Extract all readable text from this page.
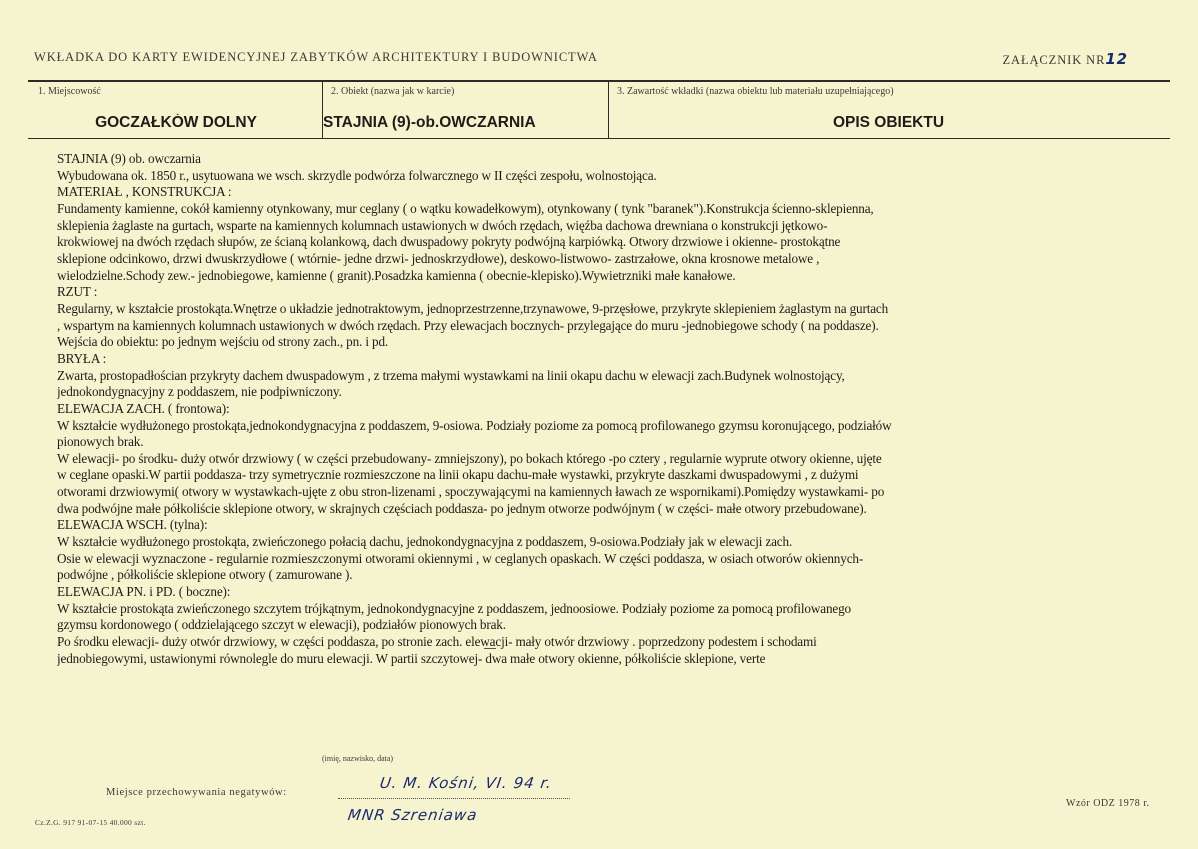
WKŁADKA DO KARTY EWIDENCYJNEJ ZABYTKÓW ARCHITEKTURY I BUDOWNICTWA	ZAŁĄCZNIK NR12
1. Miejscowość
GOCZAŁKÓW DOLNY
2. Obiekt (nazwa jak w karcie)
STAJNIA (9)-ob.OWCZARNIA
3. Zawartość wkładki (nazwa obiektu lub materiału uzupełniającego)
OPIS OBIEKTU

STAJNIA (9) ob. owczarnia

Wybudowana ok. 1850 r., usytuowana we wsch. skrzydle podwórza folwarcznego w II części zespołu, wolnostojąca.

MATERIAŁ , KONSTRUKCJA :

Fundamenty kamienne, cokół kamienny otynkowany, mur ceglany ( o wątku kowadełkowym), otynkowany ( tynk "baranek").Konstrukcja ścienno-sklepienna,

sklepienia żaglaste na gurtach, wsparte na kamiennych kolumnach ustawionych w dwóch rzędach, więźba dachowa drewniana o konstrukcji jętkowo-

krokwiowej na dwóch rzędach słupów, ze ścianą kolankową, dach dwuspadowy pokryty podwójną karpiówką. Otwory drzwiowe i okienne- prostokątne

sklepione odcinkowo, drzwi dwuskrzydłowe ( wtórnie- jedne drzwi- jednoskrzydłowe), deskowo-listwowo- zastrzałowe, okna krosnowe metalowe ,

wielodzielne.Schody zew.- jednobiegowe, kamienne ( granit).Posadzka kamienna ( obecnie-klepisko).Wywietrzniki małe kanałowe.

RZUT :

Regularny, w kształcie prostokąta.Wnętrze o układzie jednotraktowym, jednoprzestrzenne,trzynawowe, 9-przęsłowe, przykryte sklepieniem żaglastym na gurtach

, wspartym na kamiennych kolumnach ustawionych w dwóch rzędach. Przy elewacjach bocznych- przylegające do muru -jednobiegowe schody ( na poddasze).

Wejścia do obiektu: po jednym wejściu od strony zach., pn. i pd.

BRYŁA :

Zwarta, prostopadłościan przykryty dachem dwuspadowym , z trzema małymi wystawkami na linii okapu dachu w elewacji zach.Budynek wolnostojący,

jednokondygnacyjny z poddaszem, nie podpiwniczony.

ELEWACJA ZACH. ( frontowa):

W kształcie wydłużonego prostokąta,jednokondygnacyjna z poddaszem, 9-osiowa. Podziały poziome za pomocą profilowanego gzymsu koronującego, podziałów

pionowych brak.

W elewacji- po środku- duży otwór drzwiowy ( w części przebudowany- zmniejszony), po bokach którego -po cztery , regularnie wyprute otwory okienne, ujęte

w ceglane opaski.W partii poddasza- trzy symetrycznie rozmieszczone na linii okapu dachu-małe wystawki, przykryte daszkami dwuspadowymi , z dużymi

otworami drzwiowymi( otwory w wystawkach-ujęte z obu stron-lizenami , spoczywającymi na kamiennych ławach ze wspornikami).Pomiędzy wystawkami- po

dwa podwójne małe półkoliście sklepione otwory, w skrajnych częściach poddasza- po jednym otworze podwójnym ( w części- małe otwory przebudowane).

ELEWACJA WSCH. (tylna):

W kształcie wydłużonego prostokąta, zwieńczonego połacią dachu, jednokondygnacyjna z poddaszem, 9-osiowa.Podziały jak w elewacji zach.

Osie w elewacji wyznaczone - regularnie rozmieszczonymi otworami okiennymi , w ceglanych opaskach. W części poddasza, w osiach otworów okiennych-

podwójne , półkoliście sklepione otwory ( zamurowane ).

ELEWACJA PN. i PD. ( boczne):

W kształcie prostokąta zwieńczonego szczytem trójkątnym, jednokondygnacyjne z poddaszem, jednoosiowe. Podziały poziome za pomocą profilowanego

gzymsu kordonowego ( oddzielającego szczyt w elewacji), podziałów pionowych brak.

Po środku elewacji- duży otwór drzwiowy, w części poddasza, po stronie zach. elewacji- mały otwór drzwiowy . poprzedzony podestem i schodami

jednobiegowymi, ustawionymi równolegle do muru elewacji. W partii szczytowej- dwa małe otwory okienne, półkoliście sklepione, verte

(imię, nazwisko, data)
U. M. Kośni, VI. 94 r.
Miejsce przechowywania negatywów:
MNR Szreniawa
Cz.Z.G. 917 91-07-15 40.000 szt.
Wzór ODZ 1978 r.
